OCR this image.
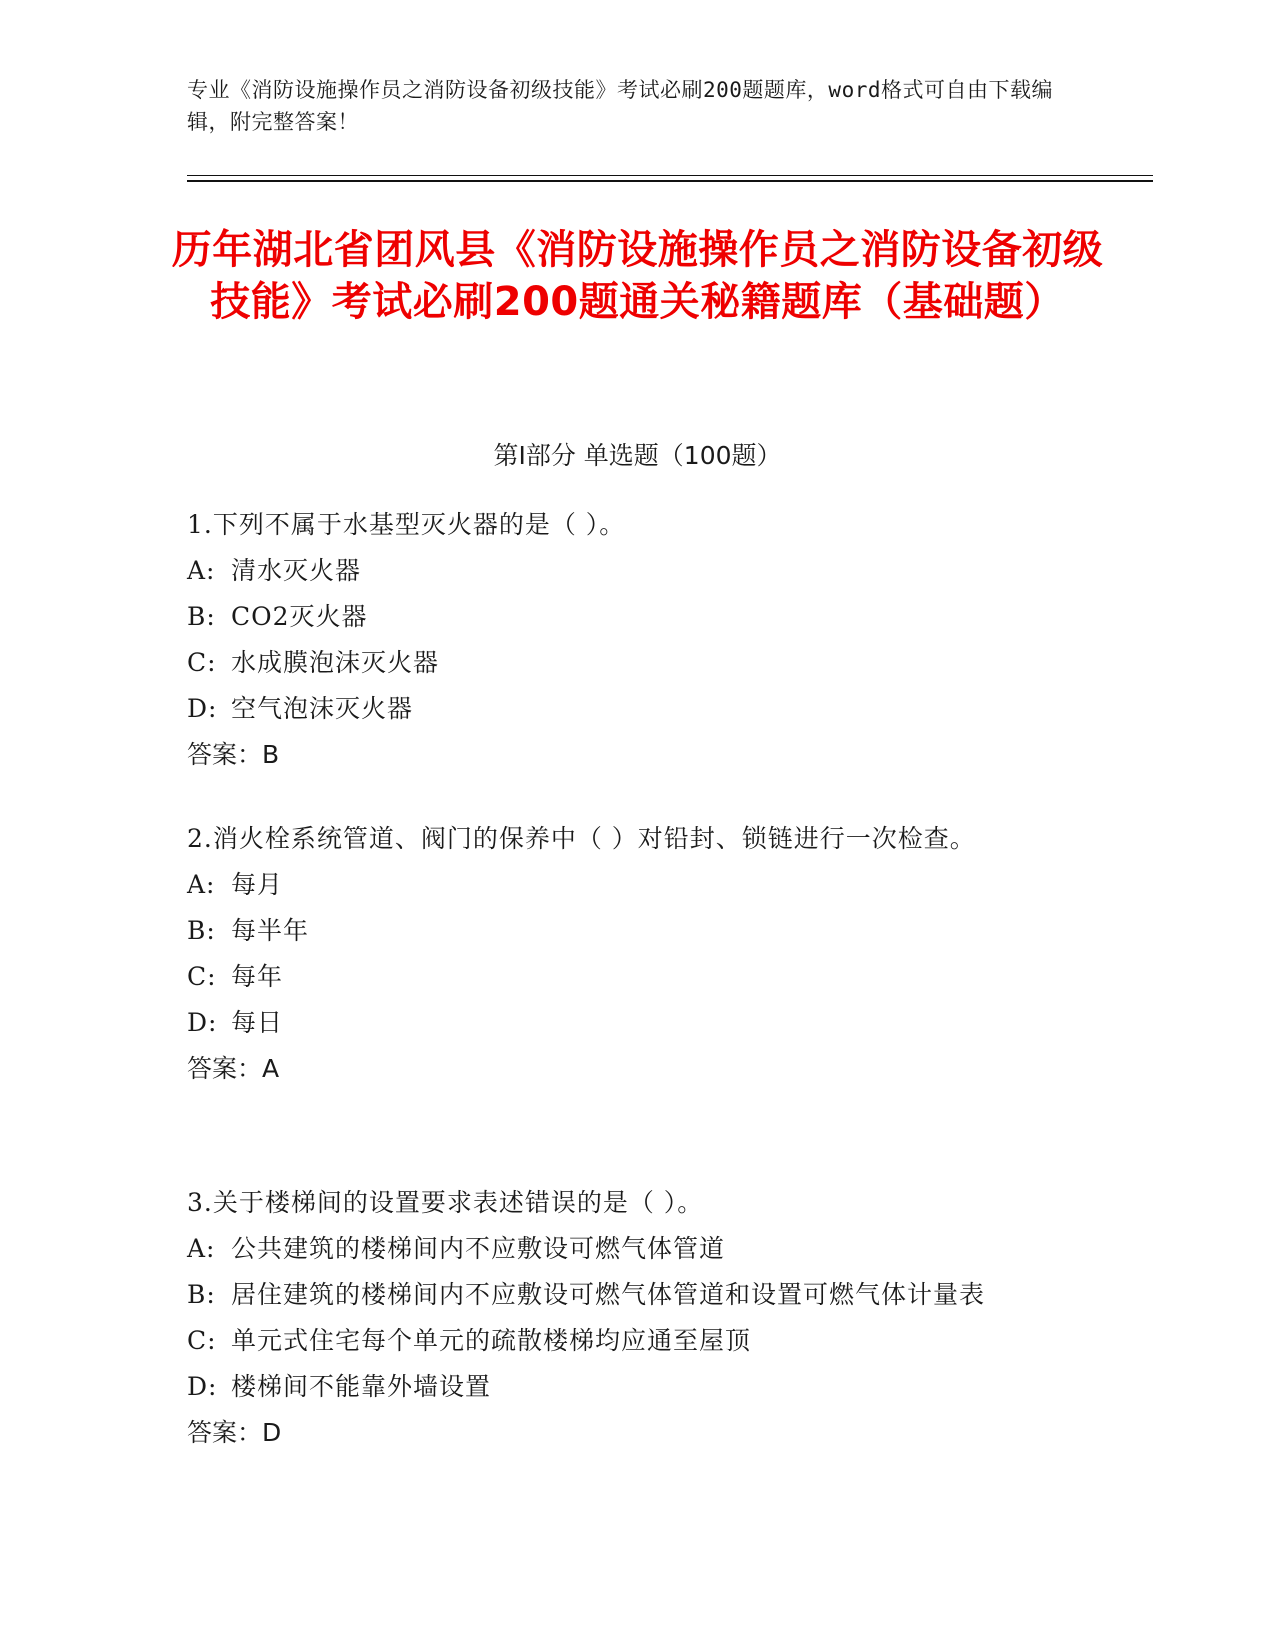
专业《消防设施操作员之消防设备初级技能》考试必刷200题题库，word格式可自由下载编辑，附完整答案！
历年湖北省团风县《消防设施操作员之消防设备初级技能》考试必刷200题通关秘籍题库（基础题）
第Ⅰ部分 单选题（100题）
1.下列不属于水基型灭火器的是（ ）。
A: 清水灭火器
B: CO2灭火器
C: 水成膜泡沫灭火器
D: 空气泡沫灭火器
答案：B
2.消火栓系统管道、阀门的保养中（ ）对铅封、锁链进行一次检查。
A: 每月
B: 每半年
C: 每年
D: 每日
答案：A
3.关于楼梯间的设置要求表述错误的是（ ）。
A: 公共建筑的楼梯间内不应敷设可燃气体管道
B: 居住建筑的楼梯间内不应敷设可燃气体管道和设置可燃气体计量表
C: 单元式住宅每个单元的疏散楼梯均应通至屋顶
D: 楼梯间不能靠外墙设置
答案：D
